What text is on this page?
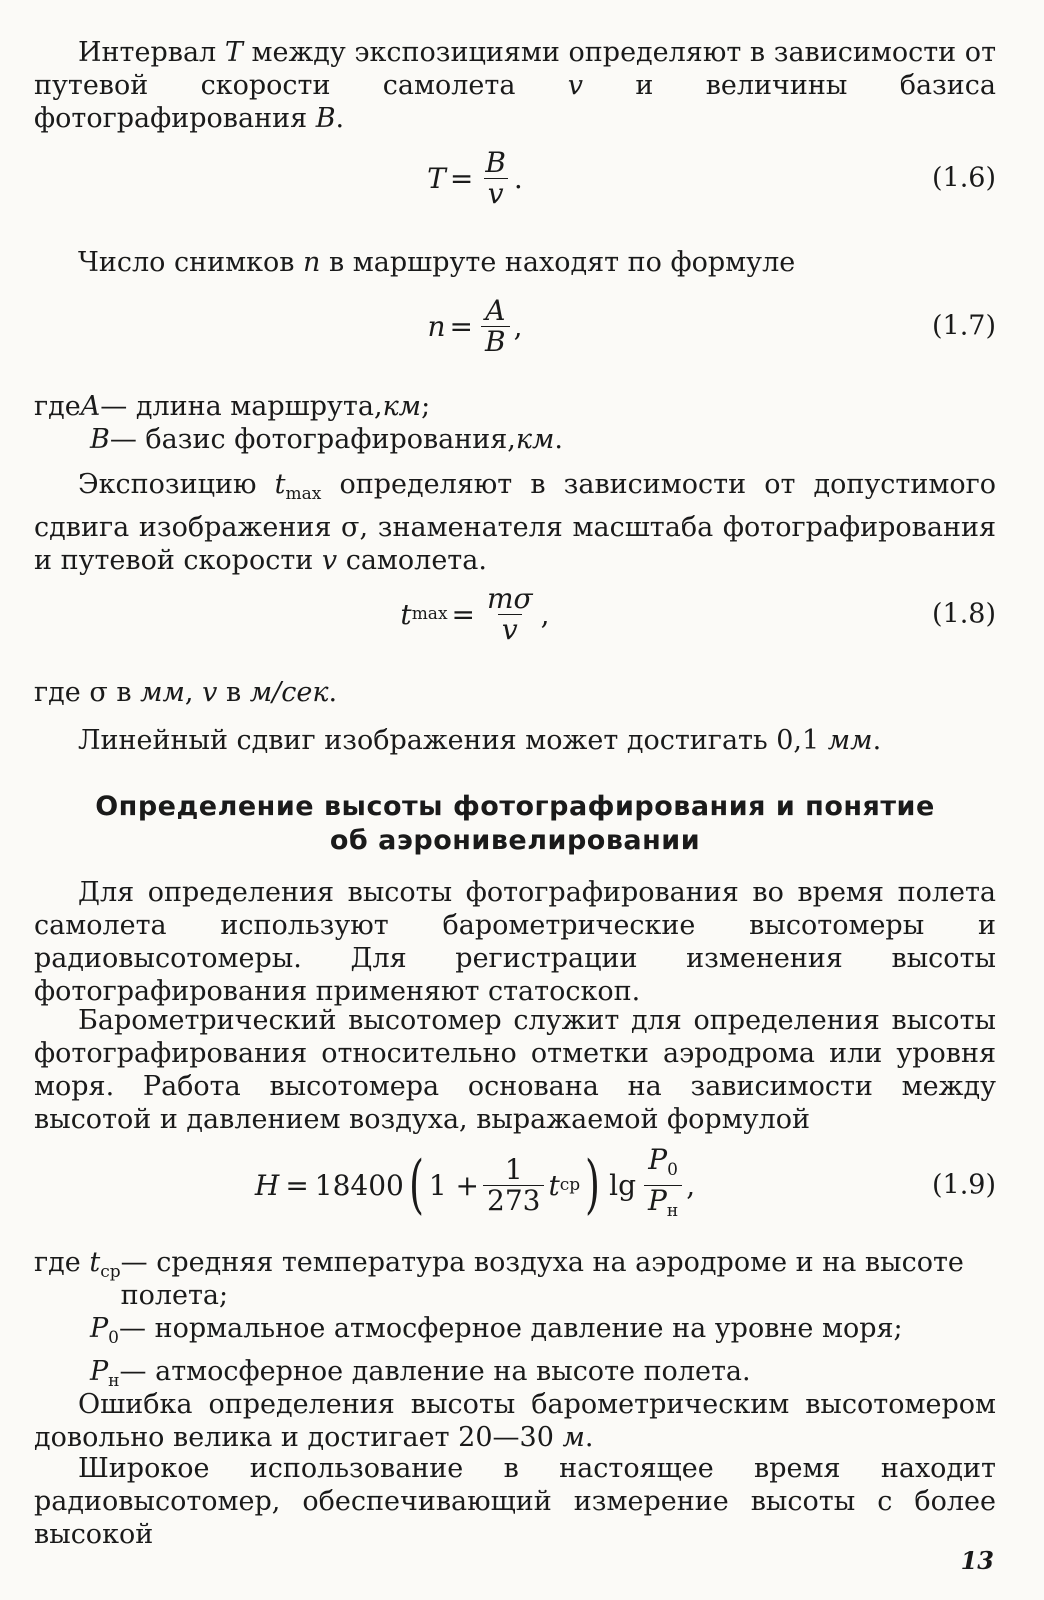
Интервал T между экспозициями определяют в зависимости от путевой скорости самолета v и величины базиса фотографирования B.

$T = \frac{B}{v}$ .	(1.6)

Число снимков n в маршруте находят по формуле

$n = \frac{A}{B}$ ,	(1.7)
где A — длина маршрута, км ;
B — базис фотографирования, км .

Экспозицию $t_{max}$ определяют в зависимости от допустимого сдвига изображения σ, знаменателя масштаба фотографирования и путевой скорости v самолета.

t $\max = \frac{m\sigma}{v}$ ,	(1.8)

где σ в мм, v в м/сек.

Линейный сдвиг изображения может достигать 0,1 мм.

Определение высоты фотографирования и понятие
об аэронивелировании

Для определения высоты фотографирования во время полета самолета используют барометрические высотомеры и радиовысотомеры. Для регистрации изменения высоты фотографирования применяют статоскоп.

Барометрический высотомер служит для определения высоты фотографирования относительно отметки аэродрома или уровня моря. Работа высотомера основана на зависимости между высотой и давлением воздуха, выражаемой формулой

H = 18400 ( $1 + \frac{1}{273}$ t ср ) $\lg \frac{P_0}{P_н}$ ,	(1.9)
где $t_{ср}$ — средняя температура воздуха на аэродроме и на высоте полета;
$P_0$ — нормальное атмосферное давление на уровне моря;
$P_н$ — атмосферное давление на высоте полета.

Ошибка определения высоты барометрическим высотомером довольно велика и достигает 20—30 м.

Широкое использование в настоящее время находит радиовысотомер, обеспечивающий измерение высоты с более высокой

13
